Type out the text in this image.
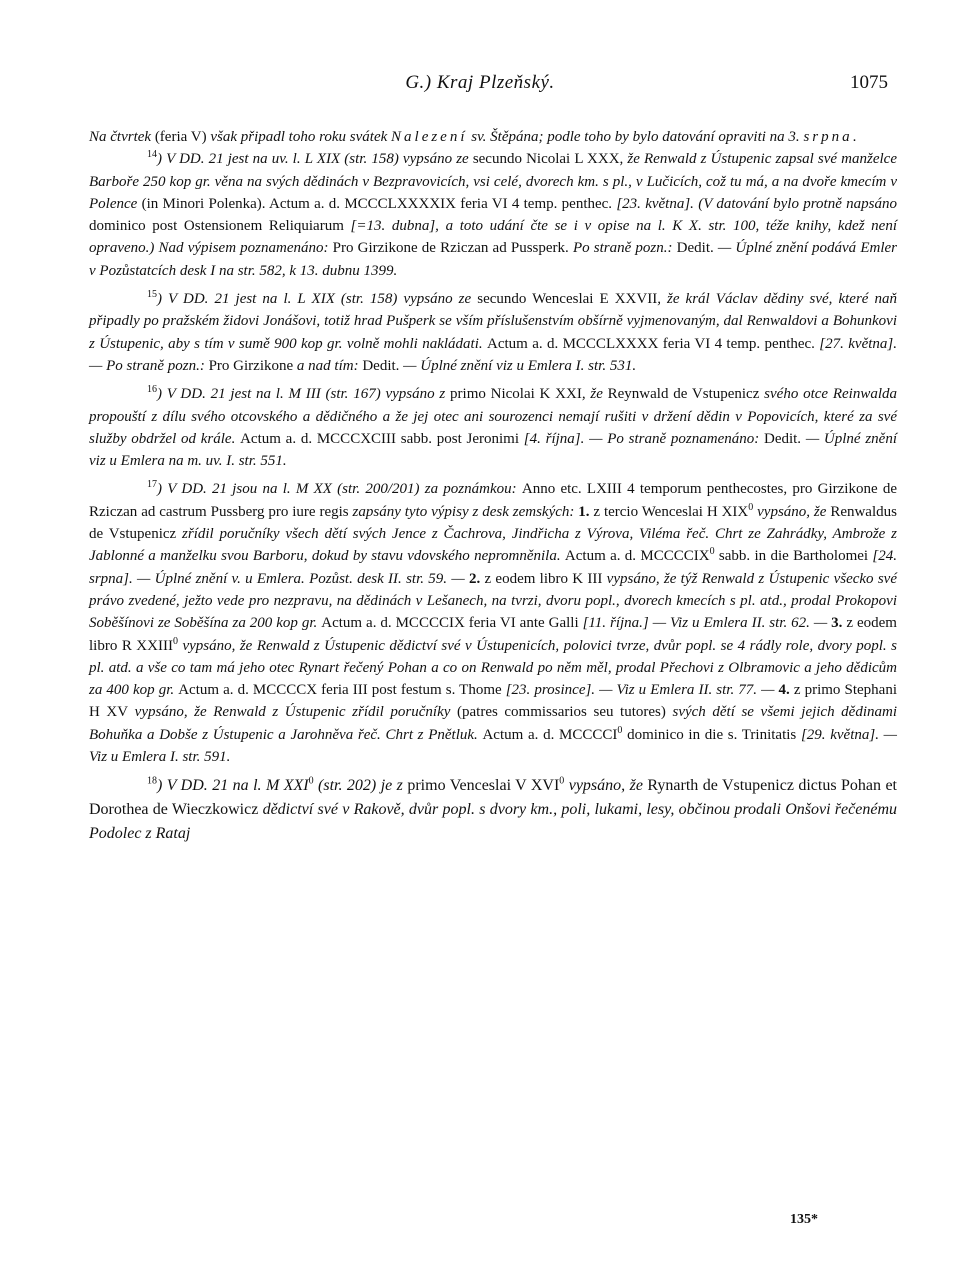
G.) Kraj Plzeňský.	1075

Na čtvrtek (feria V) však připadl toho roku svátek Nalezení sv. Štěpána; podle toho by bylo datování opraviti na 3. srpna.

$^{14}$) V DD. 21 jest na uv. l. L XIX (str. 158) vypsáno ze secundo Nicolai L XXX, že Renwald z Ústupenic zapsal své manželce Barboře 250 kop gr. věna na svých dědinách v Bezpravovicích, vsi celé, dvorech km. s pl., v Lučicích, což tu má, a na dvoře kmecím v Polence (in Minori Polenka). Actum a. d. MCCCLXXXXIX feria VI 4 temp. penthec. [23. května]. (V datování bylo protně napsáno dominico post Ostensionem Reliquiarum [=13. dubna], a toto udání čte se i v opise na l. K X. str. 100, téže knihy, kdež není opraveno.) Nad výpisem poznamenáno: Pro Girzikone de Rziczan ad Pussperk. Po straně pozn.: Dedit. — Úplné znění podává Emler v Pozůstatcích desk I na str. 582, k 13. dubnu 1399.

$^{15}$) V DD. 21 jest na l. L XIX (str. 158) vypsáno ze secundo Wenceslai E XXVII, že král Václav dědiny své, které naň připadly po pražském židovi Jonášovi, totiž hrad Pušperk se vším příslušenstvím obšírně vyjmenovaným, dal Renwaldovi a Bohunkovi z Ústupenic, aby s tím v sumě 900 kop gr. volně mohli nakládati. Actum a. d. MCCCLXXXX feria VI 4 temp. penthec. [27. května]. — Po straně pozn.: Pro Girzikone a nad tím: Dedit. — Úplné znění viz u Emlera I. str. 531.

$^{16}$) V DD. 21 jest na l. M III (str. 167) vypsáno z primo Nicolai K XXI, že Reynwald de Vstupenicz svého otce Reinwalda propouští z dílu svého otcovského a dědičného a že jej otec ani sourozenci nemají rušiti v držení dědin v Popovicích, které za své služby obdržel od krále. Actum a. d. MCCCXCIII sabb. post Jeronimi [4. října]. — Po straně poznamenáno: Dedit. — Úplné znění viz u Emlera na m. uv. I. str. 551.

$^{17}$) V DD. 21 jsou na l. M XX (str. 200/201) za poznámkou: Anno etc. LXIII 4 temporum penthecostes, pro Girzikone de Rziczan ad castrum Pussberg pro iure regis zapsány tyto výpisy z desk zemských: 1. z tercio Wenceslai H XIX$^0$ vypsáno, že Renwaldus de Vstupenicz zřídil poručníky všech dětí svých Jence z Čachrova, Jindřicha z Výrova, Viléma řeč. Chrt ze Zahrádky, Ambrože z Jablonné a manželku svou Barboru, dokud by stavu vdovského nepromněnila. Actum a. d. MCCCCIX$^0$ sabb. in die Bartholomei [24. srpna]. — Úplné znění v. u Emlera. Pozůst. desk II. str. 59. — 2. z eodem libro K III vypsáno, že týž Renwald z Ústupenic všecko své právo zvedené, ježto vede pro nezpravu, na dědinách v Lešanech, na tvrzi, dvoru popl., dvorech kmecích s pl. atd., prodal Prokopovi Soběšínovi ze Soběšína za 200 kop gr. Actum a. d. MCCCCIX feria VI ante Galli [11. října.] — Viz u Emlera II. str. 62. — 3. z eodem libro R XXIII$^0$ vypsáno, že Renwald z Ústupenic dědictví své v Ústupenicích, polovici tvrze, dvůr popl. se 4 rádly role, dvory popl. s pl. atd. a vše co tam má jeho otec Rynart řečený Pohan a co on Renwald po něm měl, prodal Přechovi z Olbramovic a jeho dědicům za 400 kop gr. Actum a. d. MCCCCX feria III post festum s. Thome [23. prosince]. — Viz u Emlera II. str. 77. — 4. z primo Stephani H XV vypsáno, že Renwald z Ústupenic zřídil poručníky (patres commissarios seu tutores) svých dětí se všemi jejich dědinami Bohuňka a Dobše z Ústupenic a Jarohněva řeč. Chrt z Pnětluk. Actum a. d. MCCCCI$^0$ dominico in die s. Trinitatis [29. května]. — Viz u Emlera I. str. 591.

$^{18}$) V DD. 21 na l. M XXI$^0$ (str. 202) je z primo Venceslai V XVI$^0$ vypsáno, že Rynarth de Vstupenicz dictus Pohan et Dorothea de Wieczkowicz dědictví své v Rakově, dvůr popl. s dvory km., poli, lukami, lesy, občinou prodali Onšovi řečenému Podolec z Rataj

135*
